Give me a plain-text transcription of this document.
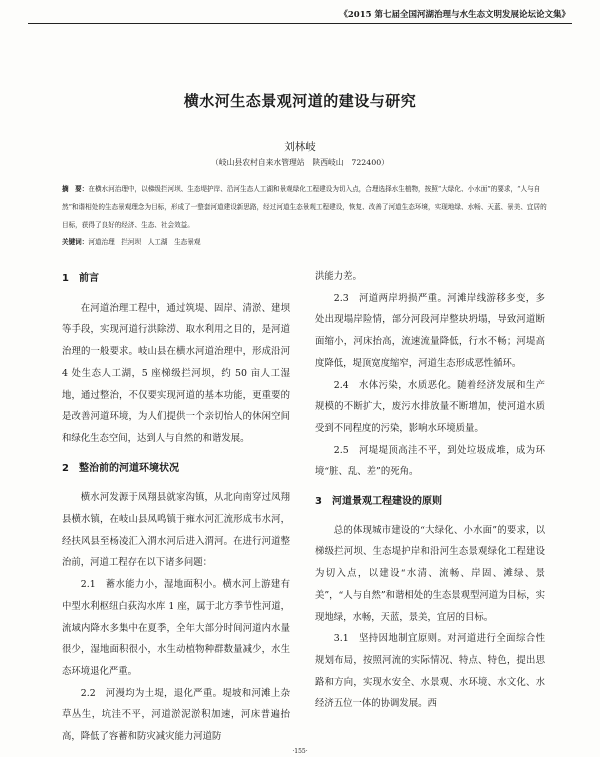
《2015 第七届全国河湖治理与水生态文明发展论坛论文集》
横水河生态景观河道的建设与研究
刘林岐
（岐山县农村自来水管理站　陕西岐山　722400）
摘　要：在横水河治理中，以梯级拦河坝、生态堤护岸、沿河生态人工湖和景观绿化工程建设为切入点，合理选择水生植物，按照“大绿化、小水面”的要求，“人与自然”和谐相处的生态景观理念为目标，形成了一整套河道建设新思路，经过河道生态景观工程建设，恢复、改善了河道生态环境，实现地绿、水畅、天蓝、景美、宜居的目标，获得了良好的经济、生态、社会效益。
关键词：河道治理　拦河坝　人工湖　生态景观
1　前言

在河道治理工程中，通过筑堤、固岸、清淤、建坝等手段，实现河道行洪除涝、取水利用之目的，是河道治理的一般要求。岐山县在横水河道治理中，形成沿河 4 处生态人工湖，5 座梯级拦河坝，约 50 亩人工湿地，通过整治，不仅要实现河道的基本功能，更重要的是改善河道环境，为人们提供一个亲切怡人的休闲空间和绿化生态空间，达到人与自然的和谐发展。

2　整治前的河道环境状况

横水河发源于凤翔县就家沟镇，从北向南穿过凤翔县横水镇，在岐山县凤鸣镇于雍水河汇流形成韦水河，经扶风县至杨凌汇入渭水河后进入渭河。在进行河道整治前，河道工程存在以下诸多问题：

2.1　蓄水能力小，湿地面积小。横水河上游建有中型水利枢纽白荻沟水库 1 座，属于北方季节性河道，流域内降水多集中在夏季，全年大部分时间河道内水量很少，湿地面积很小，水生动植物种群数量减少，水生态环境退化严重。

2.2　河漫均为土堤，退化严重。堤坡和河滩上杂草丛生，坑洼不平，河道淤泥淤积加速，河床普遍抬高，降低了容蓄和防灾减灾能力河道防

洪能力差。

2.3　河道两岸坍损严重。河滩岸线游移多变，多处出现塌岸险情，部分河段河岸整块坍塌，导致河道断面缩小，河床抬高，流速流量降低，行水不畅；河堤高度降低，堤顶宽度缩窄，河道生态形成恶性循环。

2.4　水体污染，水质恶化。随着经济发展和生产规模的不断扩大，废污水排放量不断增加，使河道水质受到不同程度的污染，影响水环境质量。

2.5　河堤堤顶高洼不平，到处垃圾成堆，成为环境“脏、乱、差”的死角。

3　河道景观工程建设的原则

总的体现城市建设的“大绿化、小水面”的要求，以梯级拦河坝、生态堤护岸和沿河生态景观绿化工程建设为切入点，以建设“水清、流畅、岸固、滩绿、景美”，“人与自然”和谐相处的生态景观型河道为目标，实现地绿，水畅，天蓝，景美，宜居的目标。

3.1　坚持因地制宜原则。对河道进行全面综合性规划布局，按照河流的实际情况、特点、特色，提出思路和方向，实现水安全、水景观、水环境、水文化、水经济五位一体的协调发展。西

·155·
